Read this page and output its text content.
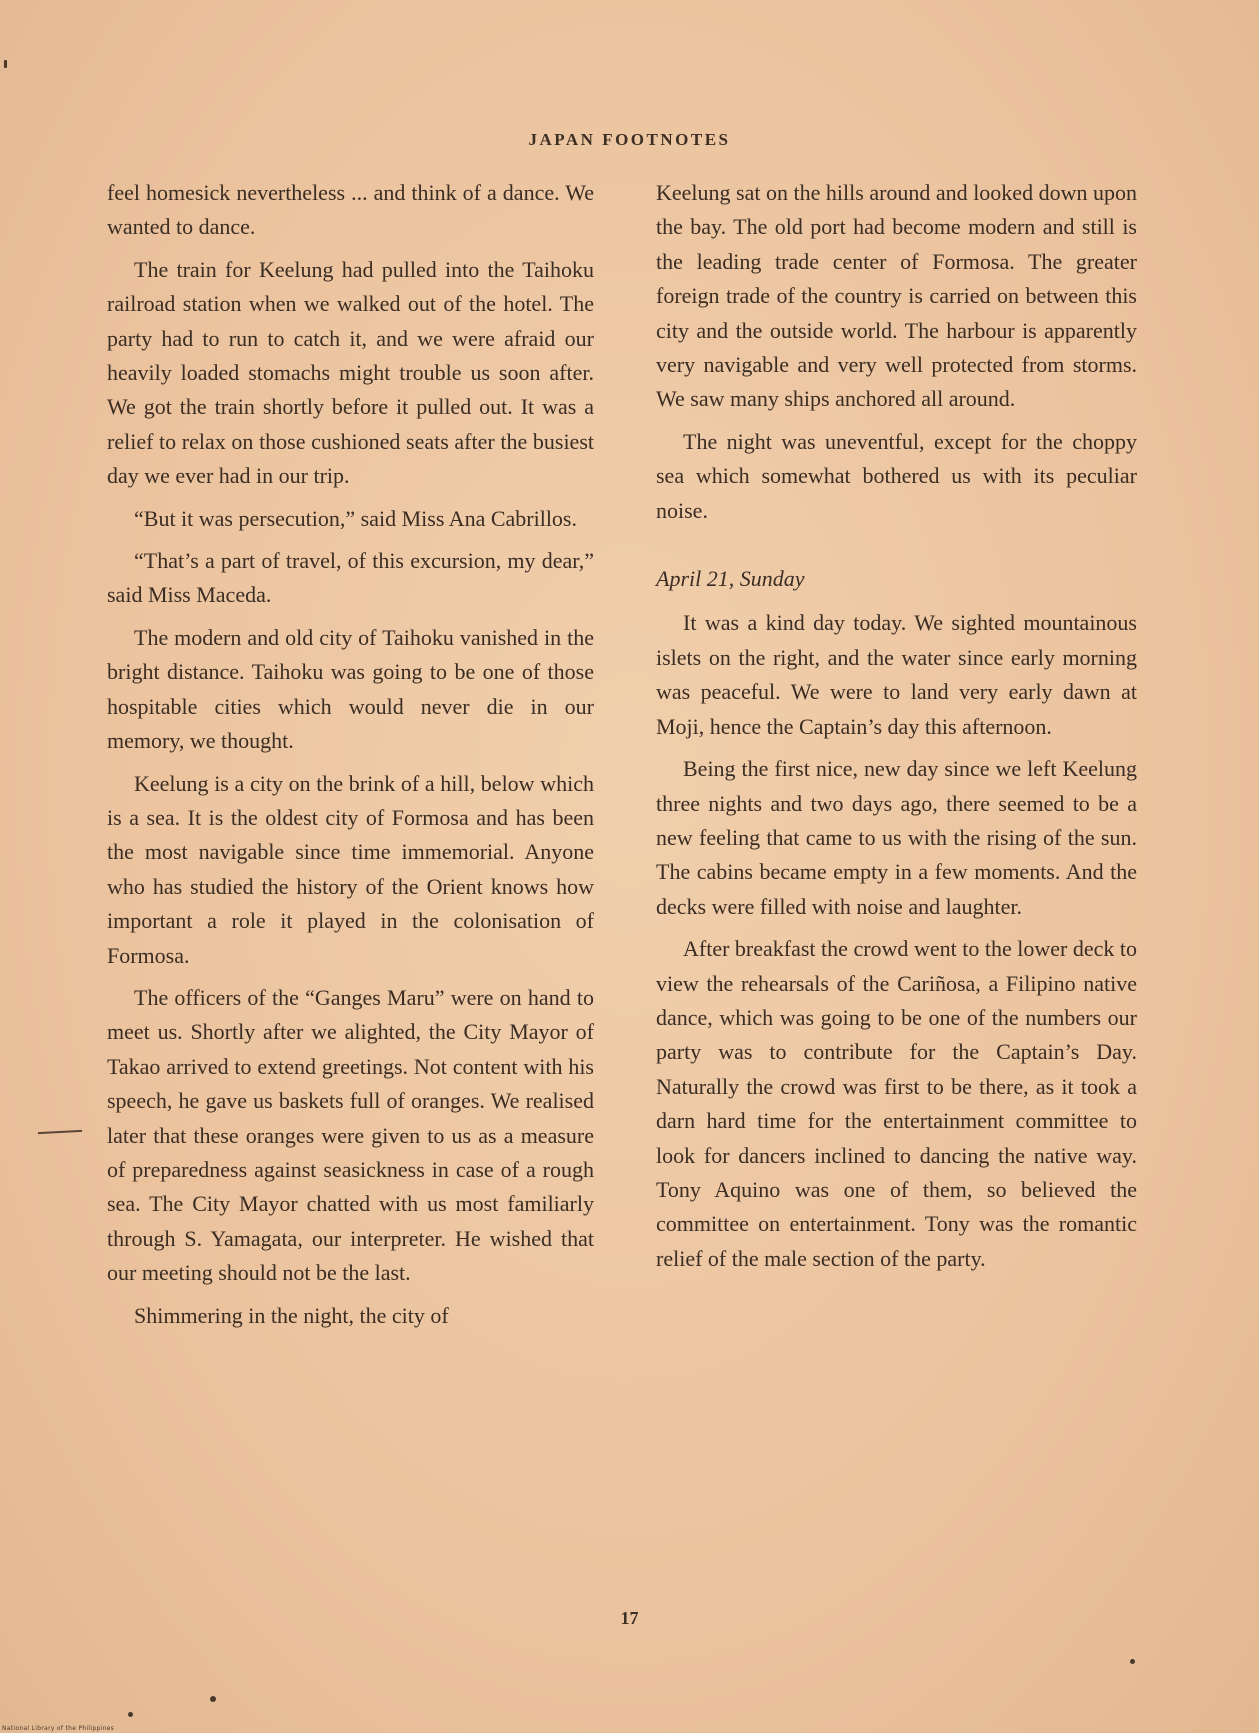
JAPAN FOOTNOTES

feel homesick nevertheless ... and think of a dance. We wanted to dance.

The train for Keelung had pulled into the Taihoku railroad station when we walked out of the hotel. The party had to run to catch it, and we were afraid our heavily loaded stomachs might trouble us soon after. We got the train shortly before it pulled out. It was a relief to relax on those cushioned seats after the busiest day we ever had in our trip.

“But it was persecution,” said Miss Ana Cabrillos.

“That’s a part of travel, of this excursion, my dear,” said Miss Maceda.

The modern and old city of Taihoku vanished in the bright distance. Taihoku was going to be one of those hospitable cities which would never die in our memory, we thought.

Keelung is a city on the brink of a hill, below which is a sea. It is the oldest city of Formosa and has been the most navigable since time immemorial. Anyone who has studied the history of the Orient knows how important a role it played in the colonisation of Formosa.

The officers of the “Ganges Maru” were on hand to meet us. Shortly after we alighted, the City Mayor of Takao arrived to extend greetings. Not content with his speech, he gave us baskets full of oranges. We realised later that these oranges were given to us as a measure of preparedness against seasickness in case of a rough sea. The City Mayor chatted with us most familiarly through S. Yamagata, our interpreter. He wished that our meeting should not be the last.

Shimmering in the night, the city of

Keelung sat on the hills around and looked down upon the bay. The old port had become modern and still is the leading trade center of Formosa. The greater foreign trade of the country is carried on between this city and the outside world. The harbour is apparently very navigable and very well protected from storms. We saw many ships anchored all around.

The night was uneventful, except for the choppy sea which somewhat bothered us with its peculiar noise.

April 21, Sunday

It was a kind day today. We sighted mountainous islets on the right, and the water since early morning was peaceful. We were to land very early dawn at Moji, hence the Captain’s day this afternoon.

Being the first nice, new day since we left Keelung three nights and two days ago, there seemed to be a new feeling that came to us with the rising of the sun. The cabins became empty in a few moments. And the decks were filled with noise and laughter.

After breakfast the crowd went to the lower deck to view the rehearsals of the Cariñosa, a Filipino native dance, which was going to be one of the numbers our party was to contribute for the Captain’s Day. Naturally the crowd was first to be there, as it took a darn hard time for the entertainment committee to look for dancers inclined to dancing the native way. Tony Aquino was one of them, so believed the committee on entertainment. Tony was the romantic relief of the male section of the party.

17
National Library of the Philippines
